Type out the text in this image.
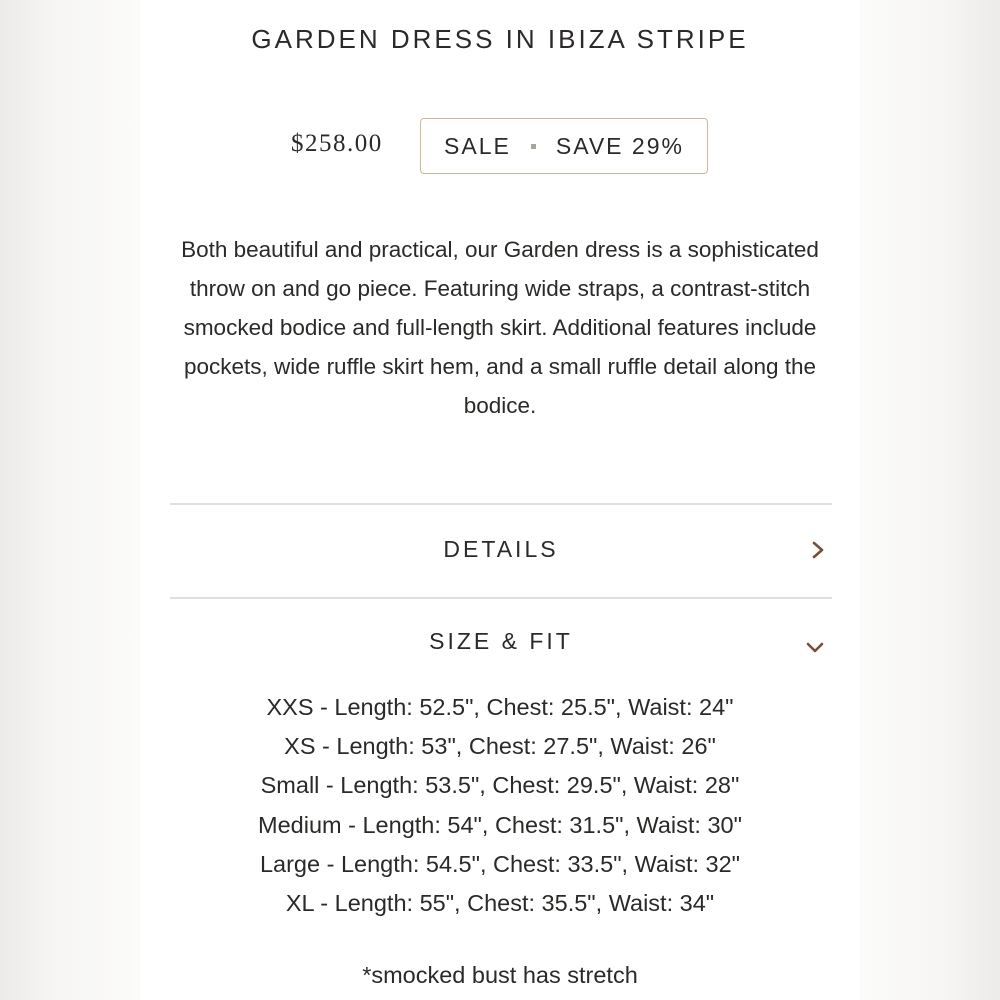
GARDEN DRESS IN IBIZA STRIPE
$258.00	SALE SAVE 29%
Both beautiful and practical, our Garden dress is a sophisticated throw on and go piece. Featuring wide straps, a contrast-stitch smocked bodice and full-length skirt. Additional features include pockets, wide ruffle skirt hem, and a small ruffle detail along the bodice.
DETAILS
SIZE & FIT
XXS - Length: 52.5", Chest: 25.5", Waist: 24"
XS - Length: 53", Chest: 27.5", Waist: 26"
Small - Length: 53.5", Chest: 29.5", Waist: 28"
Medium - Length: 54", Chest: 31.5", Waist: 30"
Large - Length: 54.5", Chest: 33.5", Waist: 32"
XL - Length: 55", Chest: 35.5", Waist: 34"
*smocked bust has stretch
